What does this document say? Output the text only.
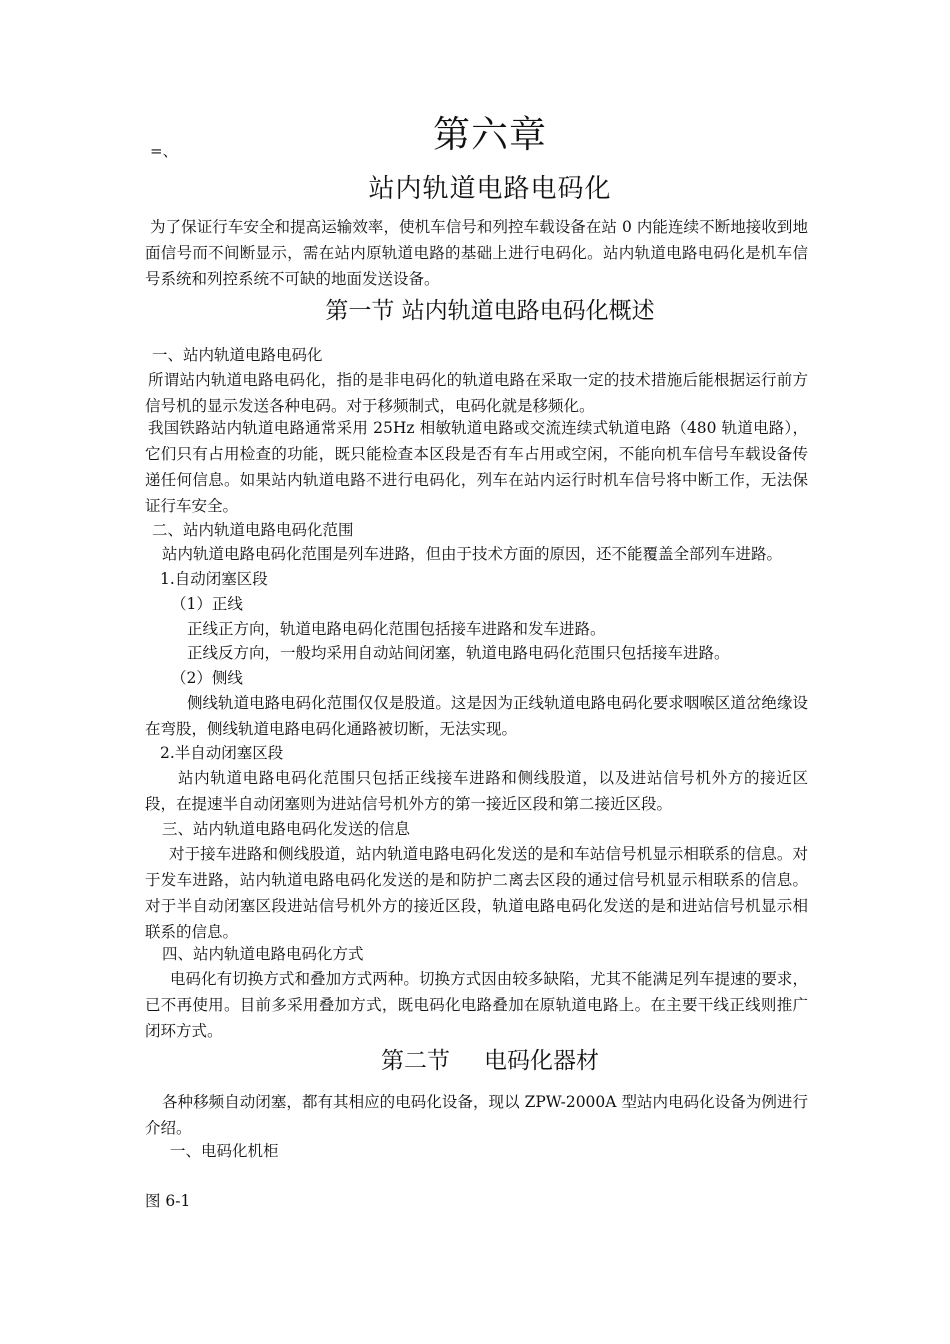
第六章
=、
站内轨道电路电码化

为了保证行车安全和提高运输效率，使机车信号和列控车载设备在站 0 内能连续不断地接收到地面信号而不间断显示，需在站内原轨道电路的基础上进行电码化。站内轨道电路电码化是机车信号系统和列控系统不可缺的地面发送设备。

第一节 站内轨道电路电码化概述
一、站内轨道电路电码化

所谓站内轨道电路电码化，指的是非电码化的轨道电路在采取一定的技术措施后能根据运行前方信号机的显示发送各种电码。对于移频制式，电码化就是移频化。

我国铁路站内轨道电路通常采用 25Hz 相敏轨道电路或交流连续式轨道电路（480 轨道电路），它们只有占用检查的功能，既只能检查本区段是否有车占用或空闲，不能向机车信号车载设备传递任何信息。如果站内轨道电路不进行电码化，列车在站内运行时机车信号将中断工作，无法保证行车安全。

二、站内轨道电路电码化范围
站内轨道电路电码化范围是列车进路，但由于技术方面的原因，还不能覆盖全部列车进路。
1.自动闭塞区段
（1）正线
正线正方向，轨道电路电码化范围包括接车进路和发车进路。
正线反方向，一般均采用自动站间闭塞，轨道电路电码化范围只包括接车进路。
（2）侧线

侧线轨道电路电码化范围仅仅是股道。这是因为正线轨道电路电码化要求咽喉区道岔绝缘设在弯股，侧线轨道电路电码化通路被切断，无法实现。

2.半自动闭塞区段

站内轨道电路电码化范围只包括正线接车进路和侧线股道，以及进站信号机外方的接近区段，在提速半自动闭塞则为进站信号机外方的第一接近区段和第二接近区段。

三、站内轨道电路电码化发送的信息

对于接车进路和侧线股道，站内轨道电路电码化发送的是和车站信号机显示相联系的信息。对于发车进路，站内轨道电路电码化发送的是和防护二离去区段的通过信号机显示相联系的信息。对于半自动闭塞区段进站信号机外方的接近区段，轨道电路电码化发送的是和进站信号机显示相联系的信息。

四、站内轨道电路电码化方式

电码化有切换方式和叠加方式两种。切换方式因由较多缺陷，尤其不能满足列车提速的要求，已不再使用。目前多采用叠加方式，既电码化电路叠加在原轨道电路上。在主要干线正线则推广闭环方式。

第二节 电码化器材

各种移频自动闭塞，都有其相应的电码化设备，现以 ZPW-2000A 型站内电码化设备为例进行介绍。

一、电码化机柜
图 6-1
